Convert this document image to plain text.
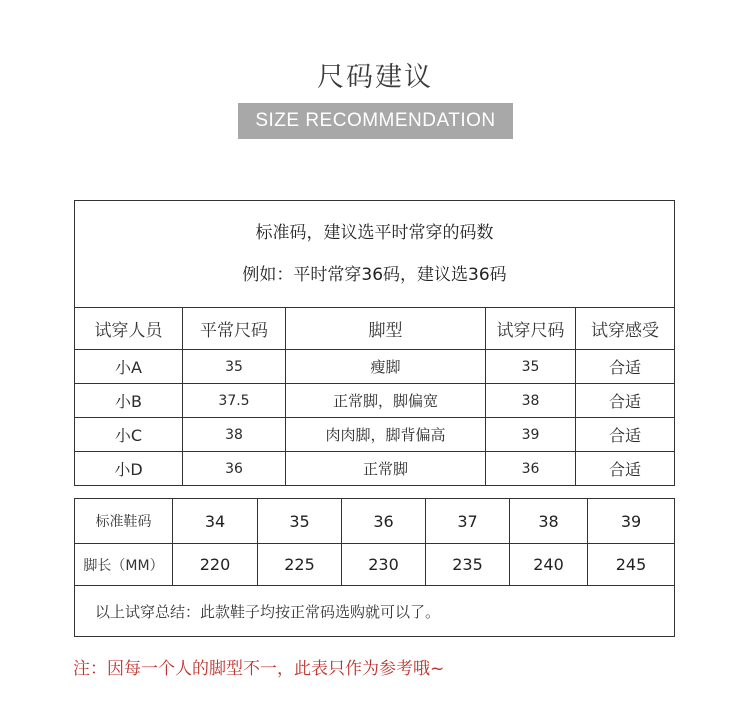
尺码建议
SIZE RECOMMENDATION
标准码，建议选平时常穿的码数
例如：平时常穿36码，建议选36码				

试穿人员	平常尺码	脚型	试穿尺码	试穿感受
小A	35	瘦脚	35	合适
小B	37.5	正常脚，脚偏宽	38	合适
小C	38	肉肉脚，脚背偏高	39	合适
小D	36	正常脚	36	合适
标准鞋码	34	35	36	37	38	39
脚长（MM）	220	225	230	235	240	245
以上试穿总结：此款鞋子均按正常码选购就可以了。						
注：因每一个人的脚型不一，此表只作为参考哦~
